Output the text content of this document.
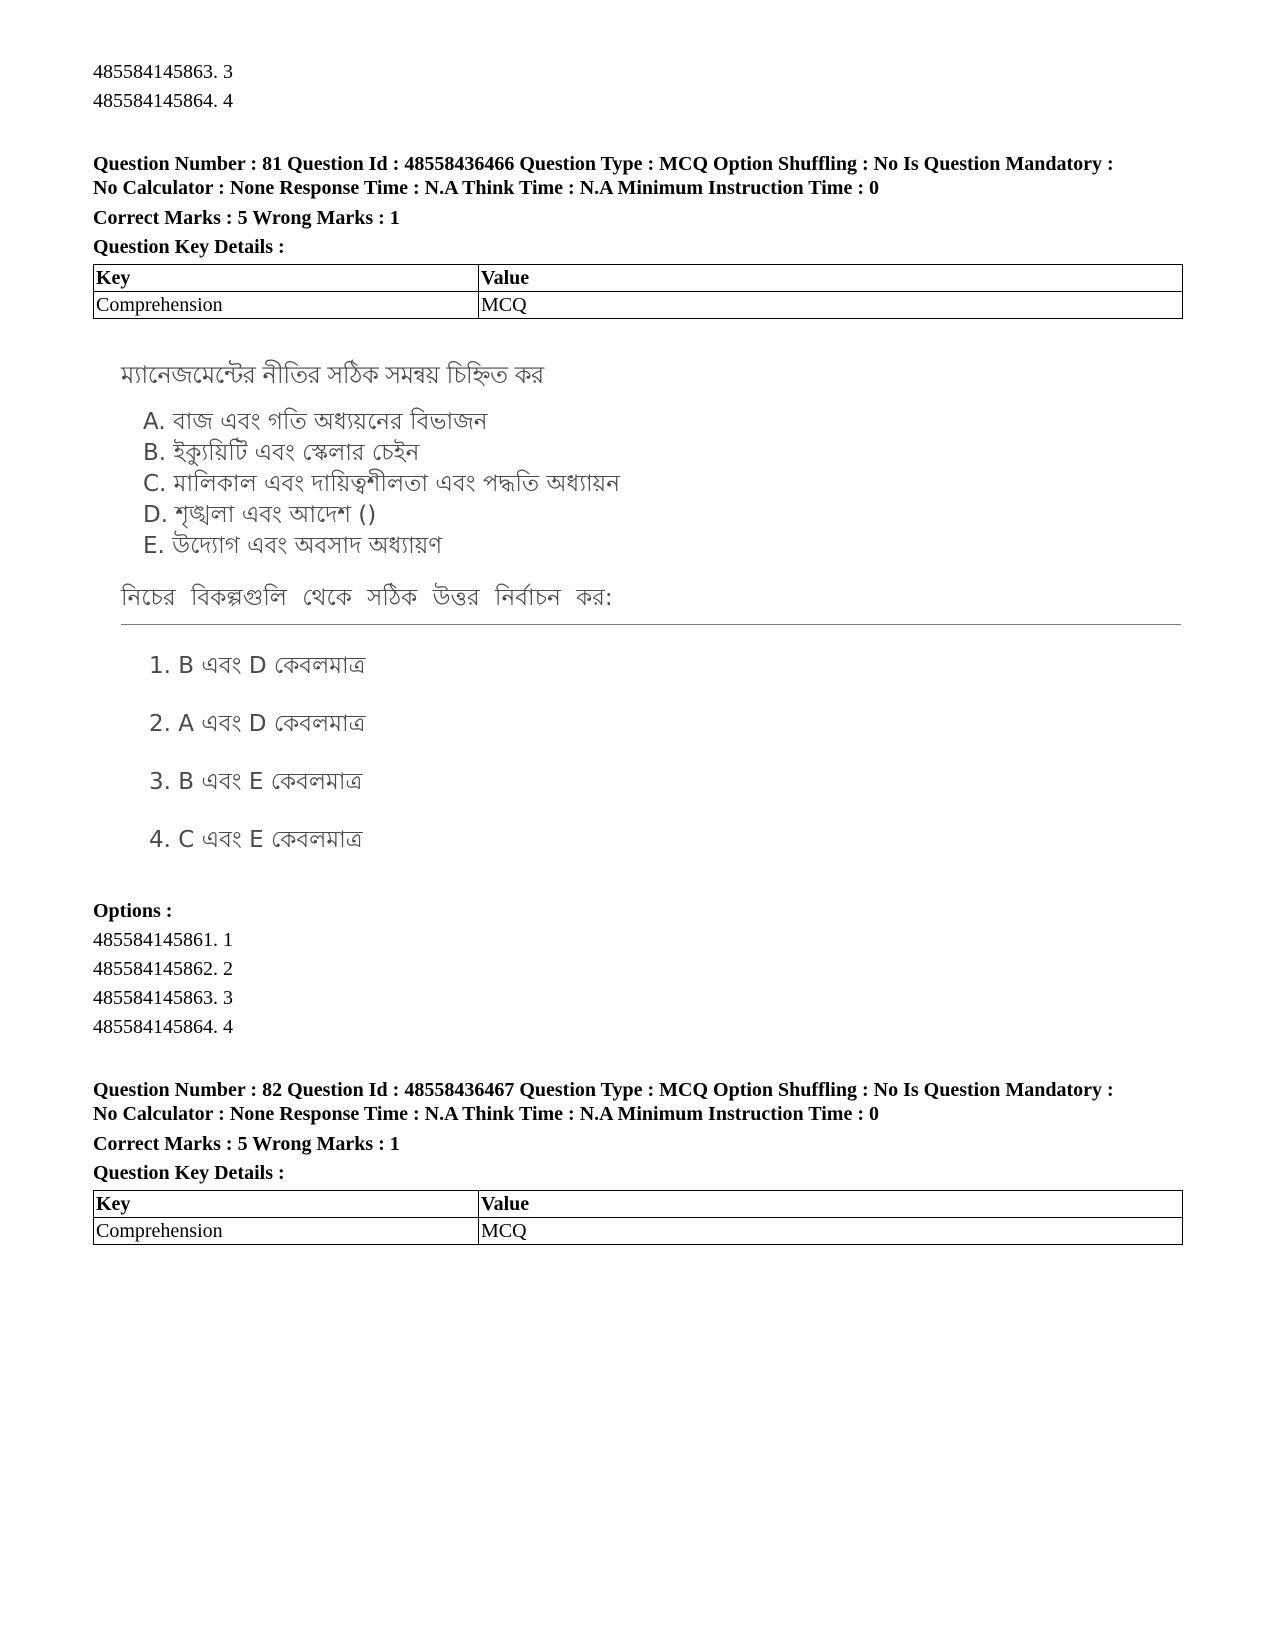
485584145863. 3
485584145864. 4
Question Number : 81 Question Id : 48558436466 Question Type : MCQ Option Shuffling : No Is Question Mandatory :
No Calculator : None Response Time : N.A Think Time : N.A Minimum Instruction Time : 0
Correct Marks : 5 Wrong Marks : 1
Question Key Details :
Key	Value
Comprehension	MCQ
ম্যানেজমেন্টের নীতির সঠিক সমন্বয় চিহ্নিত কর
A. বাজ এবং গতি অধ্যয়নের বিভাজন
B. ইক্যুয়িটি এবং স্কেলার চেইন
C. মালিকাল এবং দায়িত্বশীলতা এবং পদ্ধতি অধ্যায়ন
D. শৃঙ্খলা এবং আদেশ ()
E. উদ্যোগ এবং অবসাদ অধ্যায়ণ
নিচের বিকল্পগুলি থেকে সঠিক উত্তর নির্বাচন কর:
1. B এবং D কেবলমাত্র
2. A এবং D কেবলমাত্র
3. B এবং E কেবলমাত্র
4. C এবং E কেবলমাত্র
Options :
485584145861. 1
485584145862. 2
485584145863. 3
485584145864. 4
Question Number : 82 Question Id : 48558436467 Question Type : MCQ Option Shuffling : No Is Question Mandatory :
No Calculator : None Response Time : N.A Think Time : N.A Minimum Instruction Time : 0
Correct Marks : 5 Wrong Marks : 1
Question Key Details :
Key	Value
Comprehension	MCQ
